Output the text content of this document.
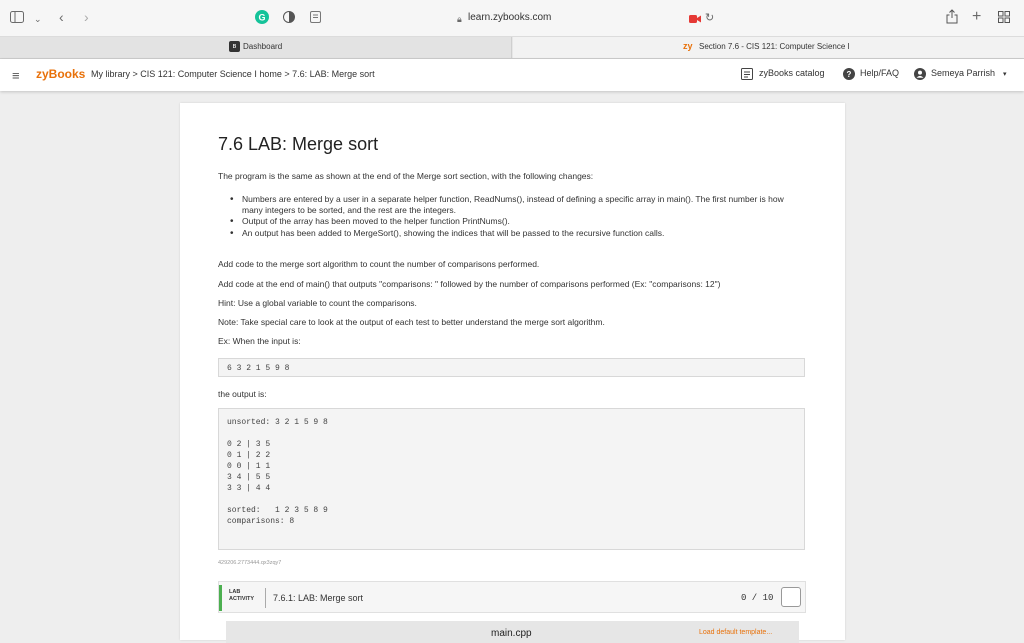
⌄ ‹ ›	G	🔒︎ learn.zybooks.com	↻	+
ʙ Dashboard	zy Section 7.6 - CIS 121: Computer Science I
≡ zyBooks My library > CIS 121: Computer Science I home > 7.6: LAB: Merge sort	zyBooks catalog	? Help/FAQ	Semeya Parrish ▾
7.6 LAB: Merge sort
The program is the same as shown at the end of the Merge sort section, with the following changes:
• Numbers are entered by a user in a separate helper function, ReadNums(), instead of defining a specific array in main(). The first number is how many integers to be sorted, and the rest are the integers.
• Output of the array has been moved to the helper function PrintNums().
• An output has been added to MergeSort(), showing the indices that will be passed to the recursive function calls.
Add code to the merge sort algorithm to count the number of comparisons performed.
Add code at the end of main() that outputs "comparisons: " followed by the number of comparisons performed (Ex: "comparisons: 12")
Hint: Use a global variable to count the comparisons.
Note: Take special care to look at the output of each test to better understand the merge sort algorithm.
Ex: When the input is:
6 3 2 1 5 9 8
the output is:
unsorted: 3 2 1 5 9 8
0 2 | 3 5
0 1 | 2 2
0 0 | 1 1
3 4 | 5 5
3 3 | 4 4
sorted:   1 2 3 5 8 9
comparisons: 8
429206.2773444.qx3zqy7
LAB
ACTIVITY 7.6.1: LAB: Merge sort	0 / 10
main.cpp	Load default template...
